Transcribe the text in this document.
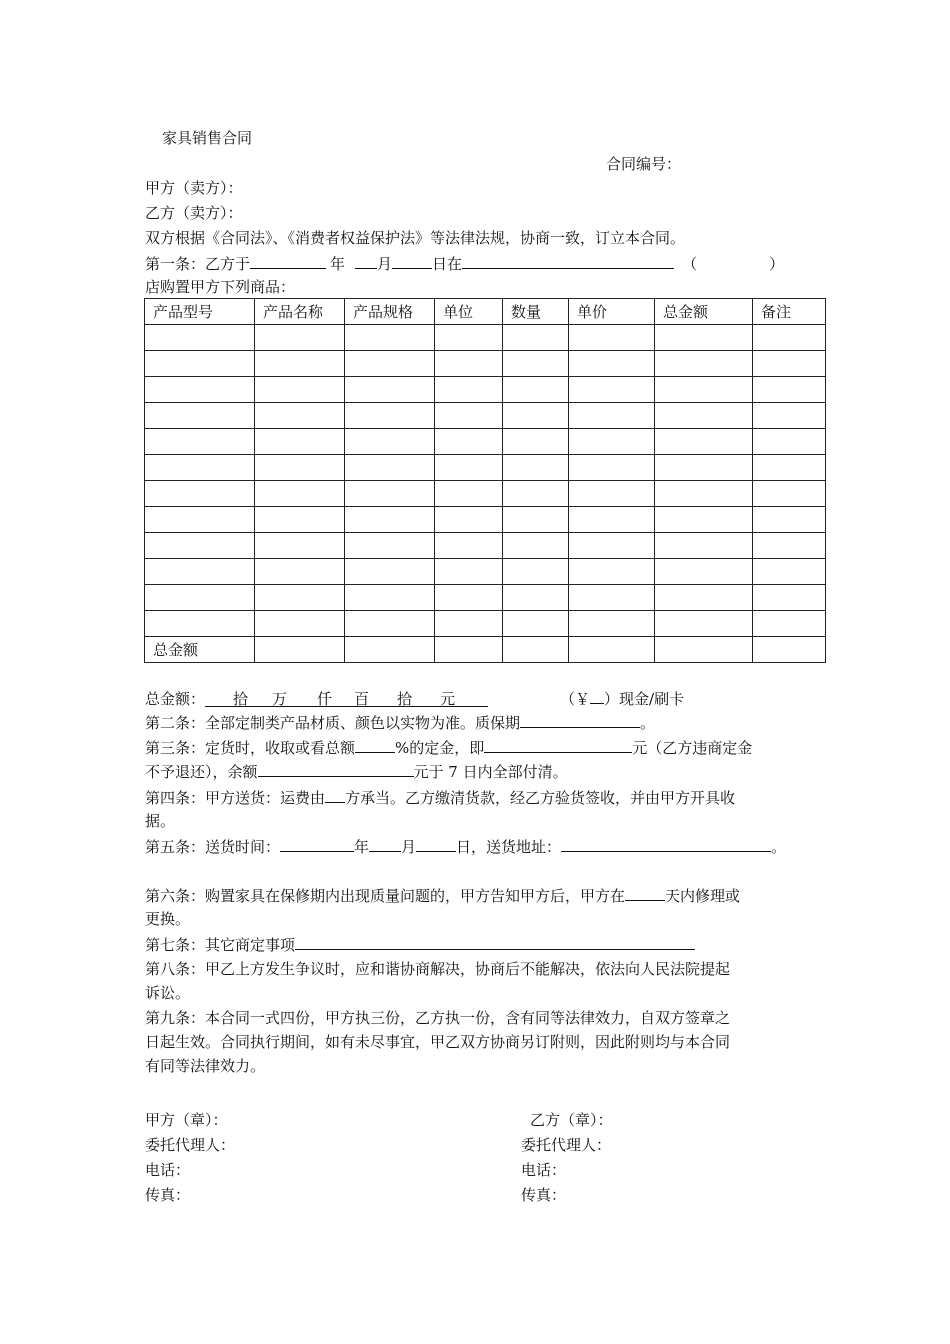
家具销售合同
合同编号：
甲方（卖方）：
乙方（卖方）：
双方根据《合同法》、《消费者权益保护法》等法律法规，协商一致，订立本合同。
第一条：乙方于	年 月	日在	（	）
店购置甲方下列商品：
产品型号	产品名称	产品规格	单位	数量	单价	总金额	备注

总金额							
总金额： 拾 万 仟 百 拾 元	（￥ ）现金/刷卡
第二条：全部定制类产品材质、颜色以实物为准。质保期	。
第三条：定货时，收取或看总额	%的定金，即	元（乙方违商定金
不予退还），余额	元于 7 日内全部付清。
第四条：甲方送货：运费由 方承当。乙方缴清货款，经乙方验货签收，并由甲方开具收
据。
第五条：送货时间：	年 月	日，送货地址：	。
第六条：购置家具在保修期内出现质量问题的，甲方告知甲方后，甲方在	天内修理或
更换。
第七条：其它商定事项
第八条：甲乙上方发生争议时，应和谐协商解决，协商后不能解决，依法向人民法院提起
诉讼。
第九条：本合同一式四份，甲方执三份，乙方执一份，含有同等法律效力，自双方签章之
日起生效。合同执行期间，如有未尽事宜，甲乙双方协商另订附则，因此附则均与本合同
有同等法律效力。
甲方（章）：	乙方（章）：
委托代理人：	委托代理人：
电话：	电话：
传真：	传真：
